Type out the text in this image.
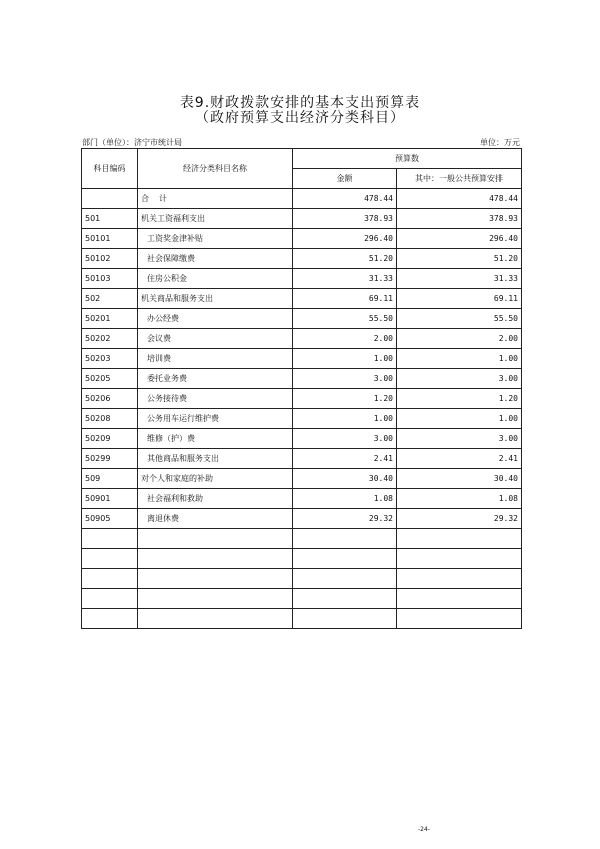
表9.财政拨款安排的基本支出预算表
（政府预算支出经济分类科目）
部门（单位）：济宁市统计局	单位：万元
科目编码	经济分类科目名称	预算数	
		金额	其中：一般公共预算安排
	合计	478.44	478.44
501	机关工资福利支出	378.93	378.93
50101	工资奖金津补贴	296.40	296.40
50102	社会保障缴费	51.20	51.20
50103	住房公积金	31.33	31.33
502	机关商品和服务支出	69.11	69.11
50201	办公经费	55.50	55.50
50202	会议费	2.00	2.00
50203	培训费	1.00	1.00
50205	委托业务费	3.00	3.00
50206	公务接待费	1.20	1.20
50208	公务用车运行维护费	1.00	1.00
50209	维修（护）费	3.00	3.00
50299	其他商品和服务支出	2.41	2.41
509	对个人和家庭的补助	30.40	30.40
50901	社会福利和救助	1.08	1.08
50905	离退休费	29.32	29.32

-24-
